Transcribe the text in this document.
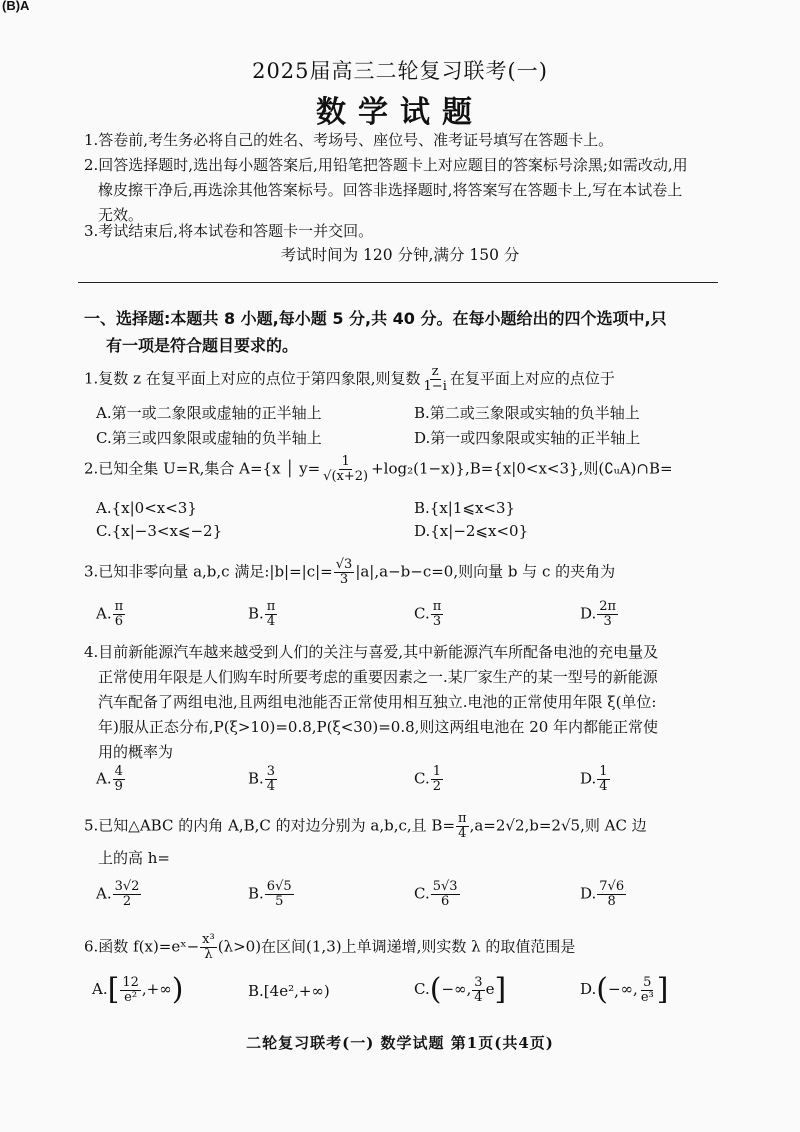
(B)A
2025届高三二轮复习联考(一)
数学试题
1.答卷前,考生务必将自己的姓名、考场号、座位号、准考证号填写在答题卡上。
2.回答选择题时,选出每小题答案后,用铅笔把答题卡上对应题目的答案标号涂黑;如需改动,用
橡皮擦干净后,再选涂其他答案标号。回答非选择题时,将答案写在答题卡上,写在本试卷上
无效。
3.考试结束后,将本试卷和答题卡一并交回。
考试时间为 120 分钟,满分 150 分
一、选择题:本题共 8 小题,每小题 5 分,共 40 分。在每小题给出的四个选项中,只
有一项是符合题目要求的。
1.复数 z 在复平面上对应的点位于第四象限,则复数 $\frac{z}{1-i}$ 在复平面上对应的点位于
A.第一或二象限或虚轴的正半轴上	B.第二或三象限或实轴的负半轴上
C.第三或四象限或虚轴的负半轴上	D.第一或四象限或实轴的正半轴上
2.已知全集 U=R,集合 A={x │ $y= \frac{1}{√(x+2)} +\log_2(1-x)\},B=\{x|0<x<3\}$,则(∁ᵤA)∩B=
A.{x|0<x<3}	B.{x|1⩽x<3}
C.{x|−3<x⩽−2}	D.{x|−2⩽x<0}
3.已知非零向量 a,b,c 满足:|b|=|c|= $\frac{√3}{3} |a|,a-b-c=0$,则向量 b 与 c 的夹角为
A. $\frac{\pi}{6}$	B. $\frac{\pi}{4}$	C. $\frac{\pi}{3}$	D. $\frac{2\pi}{3}$
4.目前新能源汽车越来越受到人们的关注与喜爱,其中新能源汽车所配备电池的充电量及
正常使用年限是人们购车时所要考虑的重要因素之一.某厂家生产的某一型号的新能源
汽车配备了两组电池,且两组电池能否正常使用相互独立.电池的正常使用年限 ξ(单位:
年)服从正态分布,P(ξ>10)=0.8,P(ξ<30)=0.8,则这两组电池在 20 年内都能正常使
用的概率为
A. $\frac{4}{9}$	B. $\frac{3}{4}$	C. $\frac{1}{2}$	D. $\frac{1}{4}$
5.已知△ABC 的内角 A,B,C 的对边分别为 a,b,c,且 $B= \frac{\pi}{4} ,a=2√2,b=2√5$,则 AC 边
上的高 h=
A. $\frac{3√2}{2}$	B. $\frac{6√5}{5}$	C. $\frac{5√3}{6}$	D. $\frac{7√6}{8}$
6.函数 f(x)=eˣ− $\frac{\text{x³}}{\lambda} (\lambda>0)$在区间(1,3)上单调递增,则实数 λ 的取值范围是
$A.[ \frac{12}{\text{e²}}$ ,+∞)	B.[4e²,+∞)	C.(−∞, $\frac{3}{4} e$]	D.(−∞, $\frac{5}{\text{e³}}$ ]
二轮复习联考(一) 数学试题 第1页(共4页)
